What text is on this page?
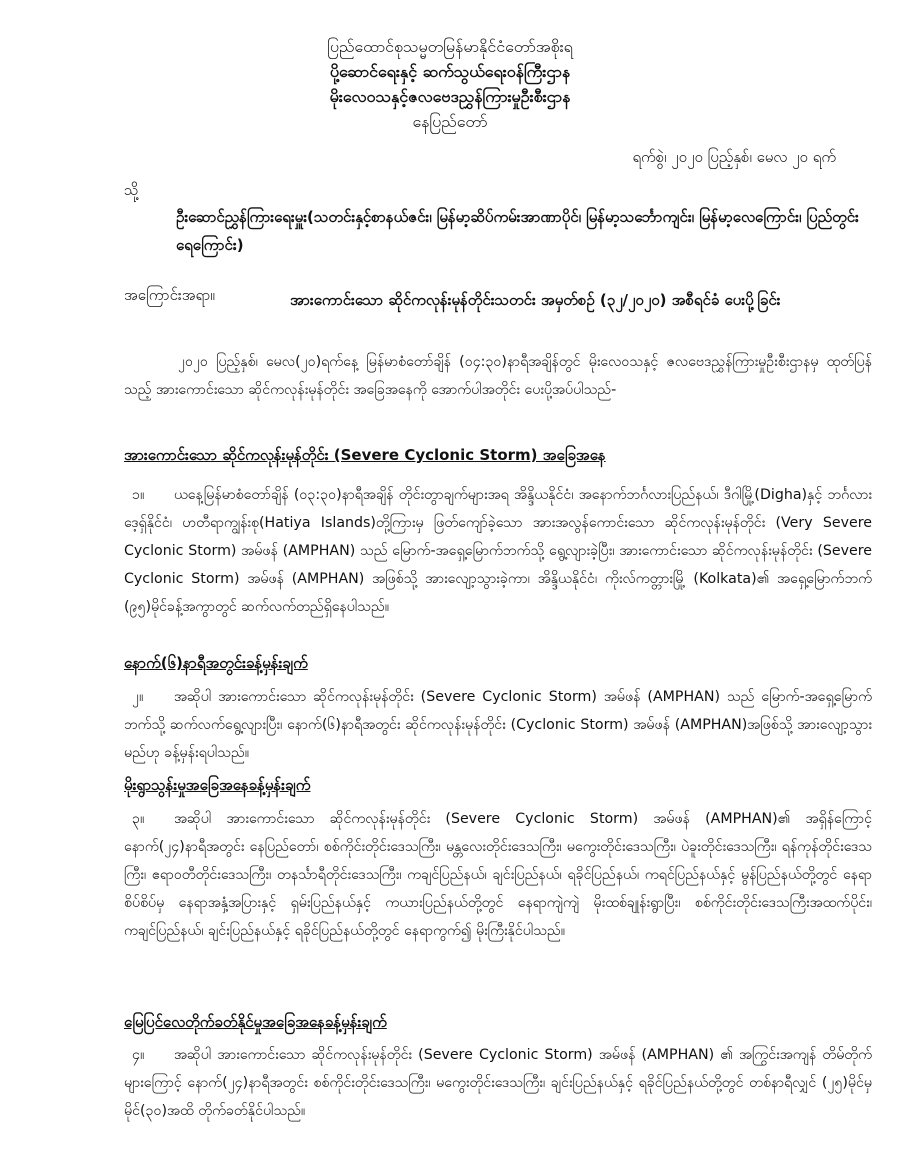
ပြည်ထောင်စုသမ္မတမြန်မာနိုင်ငံတော်အစိုးရ
ပို့ဆောင်ရေးနှင့် ဆက်သွယ်ရေးဝန်ကြီးဌာန
မိုးလေဝသနှင့်ဇလဗေဒညွှန်ကြားမှုဦးစီးဌာန
နေပြည်တော်
ရက်စွဲ၊ ၂၀၂၀ ပြည့်နှစ်၊ မေလ ၂၀ ရက်
သို့
ဦးဆောင်ညွှန်ကြားရေးမှူး(သတင်းနှင့်စာနယ်ဇင်း၊ မြန်မာ့ဆိပ်ကမ်းအာဏာပိုင်၊ မြန်မာ့သင်္ဘောကျင်း၊ မြန်မာ့လေကြောင်း၊ ပြည်တွင်းရေကြောင်း)
အကြောင်းအရာ။	အားကောင်းသော ဆိုင်ကလုန်းမုန်တိုင်းသတင်း အမှတ်စဉ် (၃၂/၂၀၂၀) အစီရင်ခံ ပေးပို့ခြင်း
၂၀၂၀ ပြည့်နှစ်၊ မေလ(၂၀)ရက်နေ့ မြန်မာစံတော်ချိန် (၀၄:၃၀)နာရီအချိန်တွင် မိုးလေဝသနှင့် ဇလဗေဒညွှန်ကြားမှုဦးစီးဌာနမှ ထုတ်ပြန်သည့် အားကောင်းသော ဆိုင်ကလုန်းမုန်တိုင်း အခြေအနေကို အောက်ပါအတိုင်း ပေးပို့အပ်ပါသည်-
အားကောင်းသော ဆိုင်ကလုန်းမုန်တိုင်း (Severe Cyclonic Storm) အခြေအနေ
၁။ ယနေ့မြန်မာစံတော်ချိန် (၀၃:၃၀)နာရီအချိန် တိုင်းတွာချက်များအရ အိန္ဒိယနိုင်ငံ၊ အနောက်ဘင်္ဂလားပြည်နယ်၊ ဒီဂါမြို့(Digha)နှင့် ဘင်္ဂလားဒေ့ရှ်နိုင်ငံ၊ ဟတီရာကျွန်းစု(Hatiya Islands)တို့ကြားမှ ဖြတ်ကျော်ခဲ့သော အားအလွန်ကောင်းသော ဆိုင်ကလုန်းမုန်တိုင်း (Very Severe Cyclonic Storm) အမ်ဖန် (AMPHAN) သည် မြောက်-အရှေ့မြောက်ဘက်သို့ ရွေ့လျားခဲ့ပြီး၊ အားကောင်းသော ဆိုင်ကလုန်းမုန်တိုင်း (Severe Cyclonic Storm) အမ်ဖန် (AMPHAN) အဖြစ်သို့ အားလျော့သွားခဲ့ကာ၊ အိန္ဒိယနိုင်ငံ၊ ကိုးလ်ကတ္တားမြို့ (Kolkata)၏ အရှေ့မြောက်ဘက် (၉၅)မိုင်ခန့်အကွာတွင် ဆက်လက်တည်ရှိနေပါသည်။
နောက်(၆)နာရီအတွင်းခန့်မှန်းချက်
၂။ အဆိုပါ အားကောင်းသော ဆိုင်ကလုန်းမုန်တိုင်း (Severe Cyclonic Storm) အမ်ဖန် (AMPHAN) သည် မြောက်-အရှေ့မြောက်ဘက်သို့ ဆက်လက်ရွေ့လျားပြီး၊ နောက်(၆)နာရီအတွင်း ဆိုင်ကလုန်းမုန်တိုင်း (Cyclonic Storm) အမ်ဖန် (AMPHAN)အဖြစ်သို့ အားလျော့သွားမည်ဟု ခန့်မှန်းရပါသည်။
မိုးရွာသွန်းမှုအခြေအနေခန့်မှန်းချက်
၃။ အဆိုပါ အားကောင်းသော ဆိုင်ကလုန်းမုန်တိုင်း (Severe Cyclonic Storm) အမ်ဖန် (AMPHAN)၏ အရှိန်ကြောင့် နောက်(၂၄)နာရီအတွင်း နေပြည်တော်၊ စစ်ကိုင်းတိုင်းဒေသကြီး၊ မန္တလေးတိုင်းဒေသကြီး၊ မကွေးတိုင်းဒေသကြီး၊ ပဲခူးတိုင်းဒေသကြီး၊ ရန်ကုန်တိုင်းဒေသကြီး၊ ဧရာဝတီတိုင်းဒေသကြီး၊ တနင်္သာရီတိုင်းဒေသကြီး၊ ကချင်ပြည်နယ်၊ ချင်းပြည်နယ်၊ ရခိုင်ပြည်နယ်၊ ကရင်ပြည်နယ်နှင့် မွန်ပြည်နယ်တို့တွင် နေရာစိပ်စိပ်မှ နေရာအနှံ့အပြားနှင့် ရှမ်းပြည်နယ်နှင့် ကယားပြည်နယ်တို့တွင် နေရာကျဲကျဲ မိုးထစ်ချုန်းရွာပြီး၊ စစ်ကိုင်းတိုင်းဒေသကြီးအထက်ပိုင်း၊ ကချင်ပြည်နယ်၊ ချင်းပြည်နယ်နှင့် ရခိုင်ပြည်နယ်တို့တွင် နေရာကွက်၍ မိုးကြီးနိုင်ပါသည်။
မြေပြင်လေတိုက်ခတ်နိုင်မှုအခြေအနေခန့်မှန်းချက်
၄။ အဆိုပါ အားကောင်းသော ဆိုင်ကလုန်းမုန်တိုင်း (Severe Cyclonic Storm) အမ်ဖန် (AMPHAN) ၏ အကြွင်းအကျန် တိမ်တိုက်များကြောင့် နောက်(၂၄)နာရီအတွင်း စစ်ကိုင်းတိုင်းဒေသကြီး၊ မကွေးတိုင်းဒေသကြီး၊ ချင်းပြည်နယ်နှင့် ရခိုင်ပြည်နယ်တို့တွင် တစ်နာရီလျှင် (၂၅)မိုင်မှ မိုင်(၃၀)အထိ တိုက်ခတ်နိုင်ပါသည်။
